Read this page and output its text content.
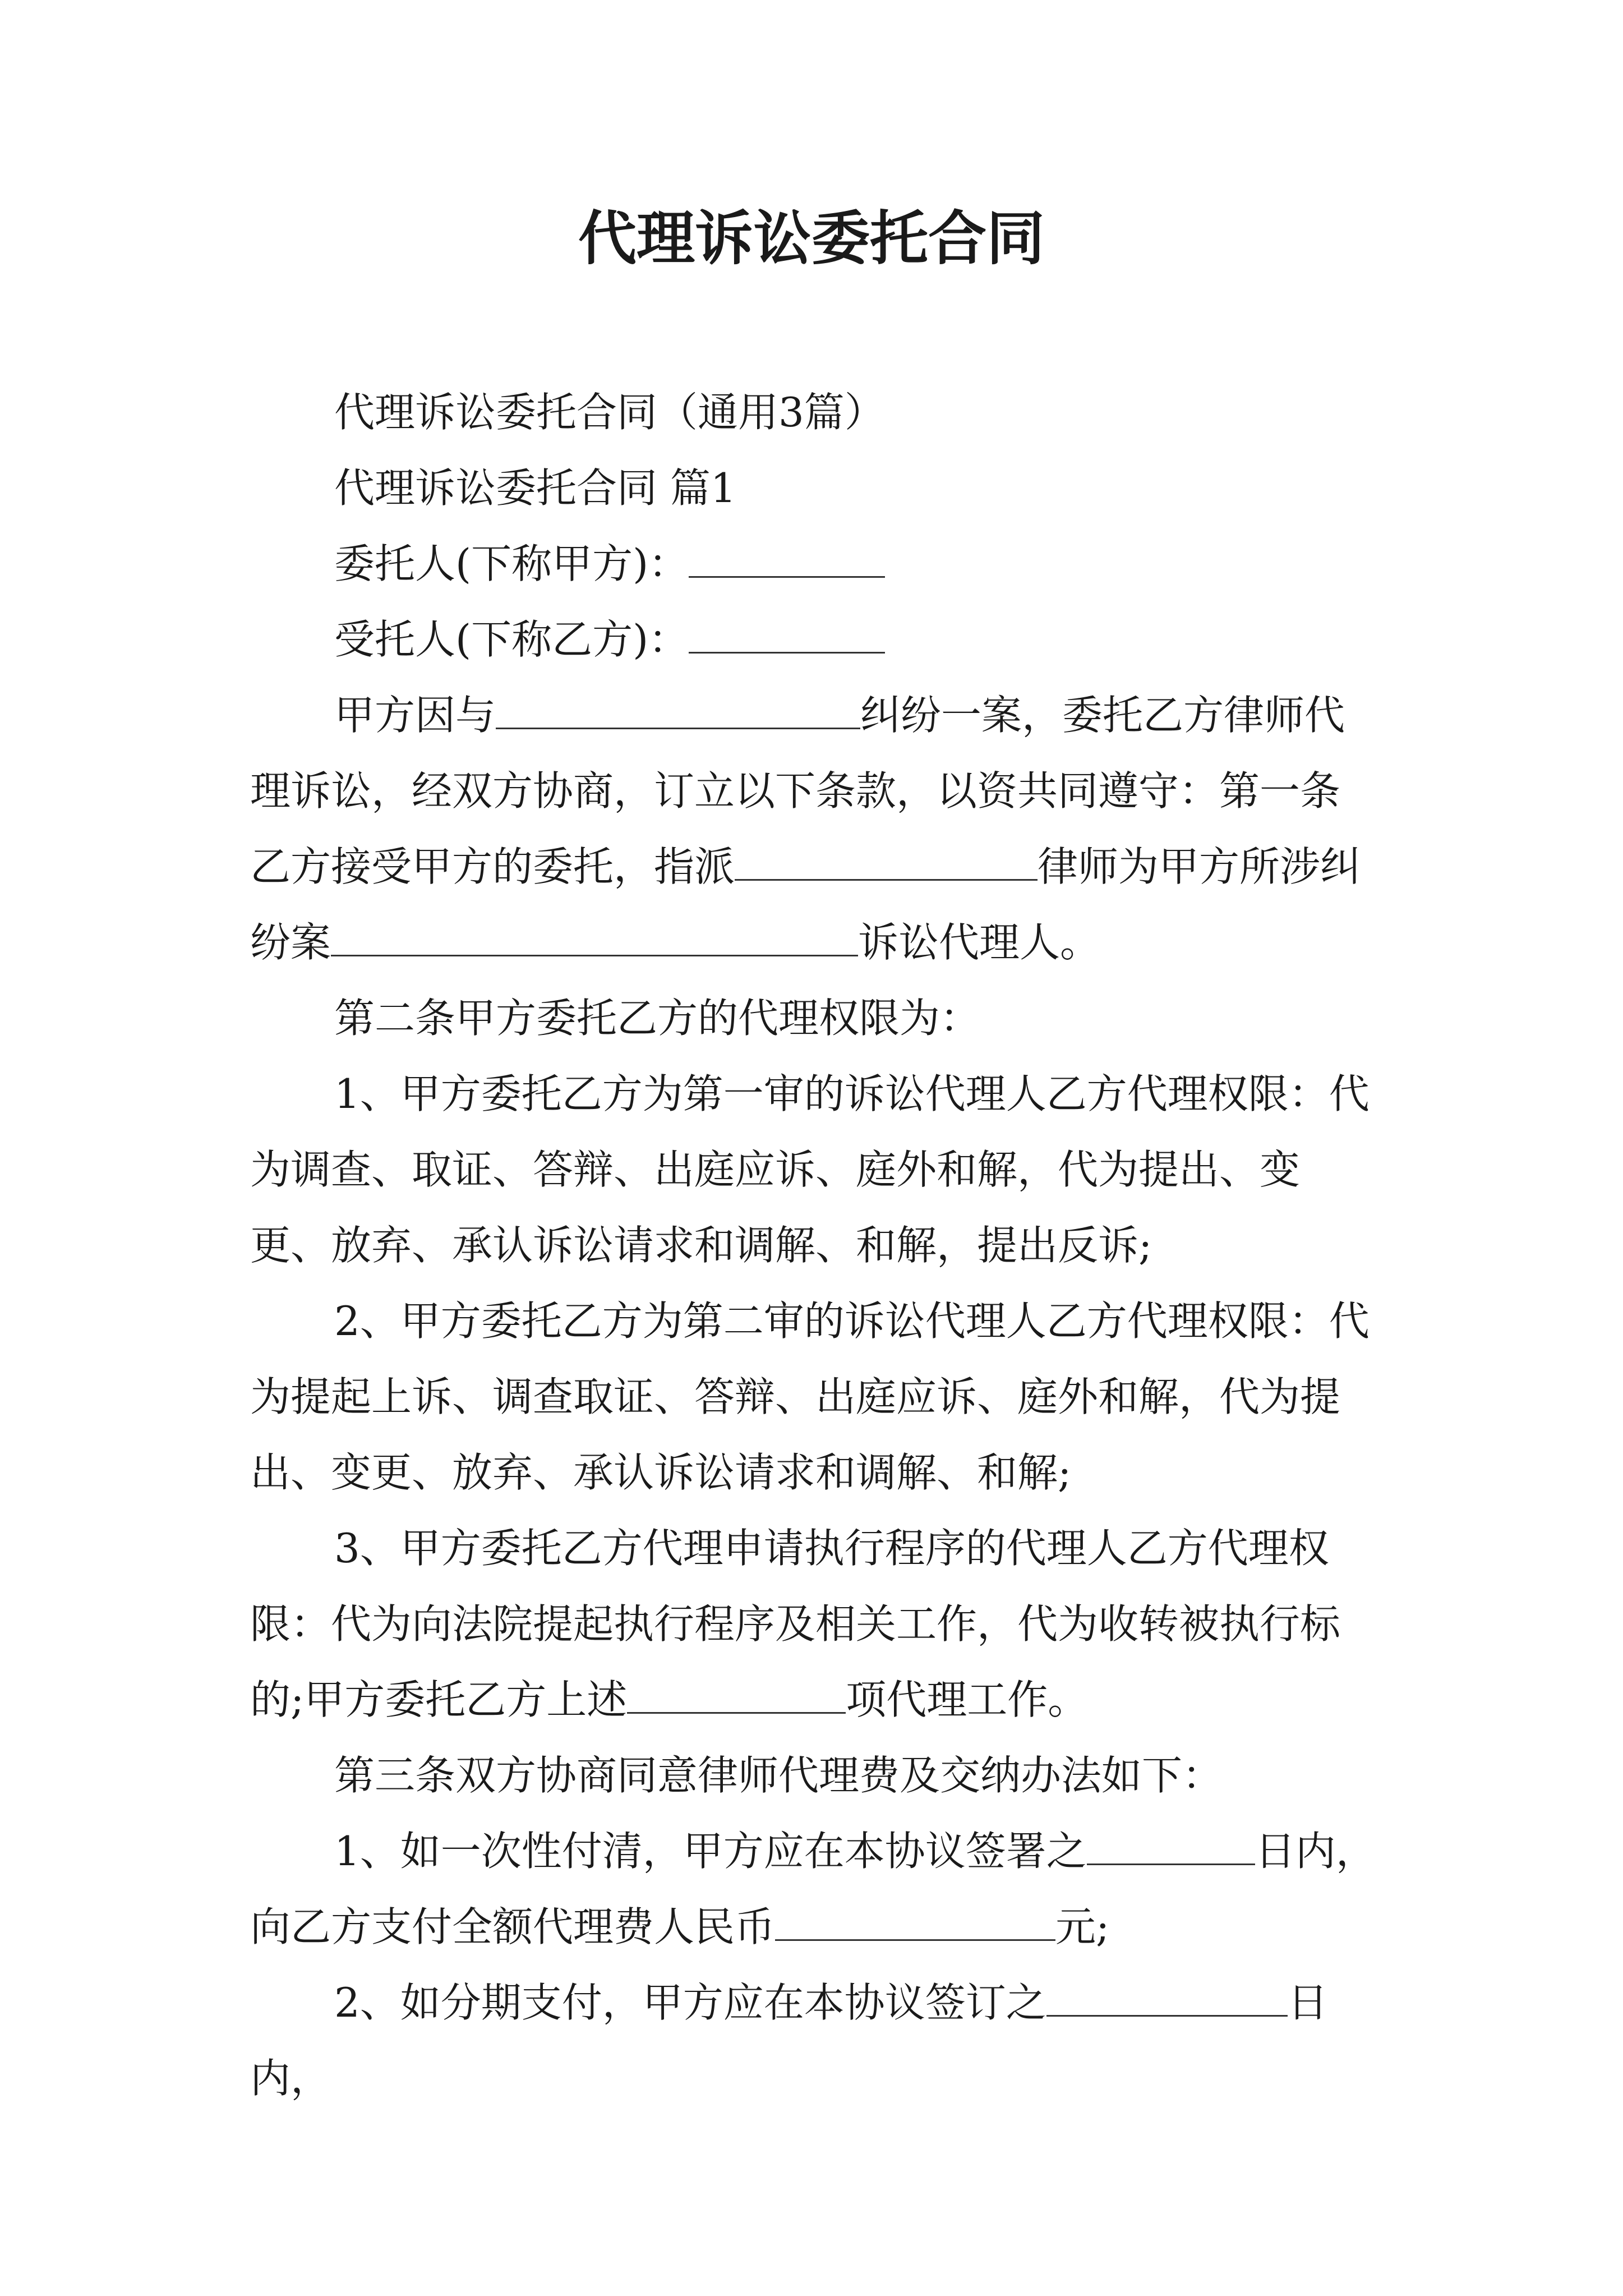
代理诉讼委托合同

代理诉讼委托合同（通用3篇）

代理诉讼委托合同 篇1

委托人(下称甲方)：

受托人(下称乙方)：

甲方因与	纠纷一案，委托乙方律师代理诉讼，经双方协商，订立以下条款，以资共同遵守：第一条乙方接受甲方的委托，指派	律师为甲方所涉纠纷案	诉讼代理人。

第二条甲方委托乙方的代理权限为：

1、甲方委托乙方为第一审的诉讼代理人乙方代理权限：代为调查、取证、答辩、出庭应诉、庭外和解，代为提出、变更、放弃、承认诉讼请求和调解、和解，提出反诉;

2、甲方委托乙方为第二审的诉讼代理人乙方代理权限：代为提起上诉、调查取证、答辩、出庭应诉、庭外和解，代为提出、变更、放弃、承认诉讼请求和调解、和解;

3、甲方委托乙方代理申请执行程序的代理人乙方代理权限：代为向法院提起执行程序及相关工作，代为收转被执行标的;甲方委托乙方上述	项代理工作。

第三条双方协商同意律师代理费及交纳办法如下：

1、如一次性付清，甲方应在本协议签署之	日内，向乙方支付全额代理费人民币	元;

2、如分期支付，甲方应在本协议签订之	日内，
